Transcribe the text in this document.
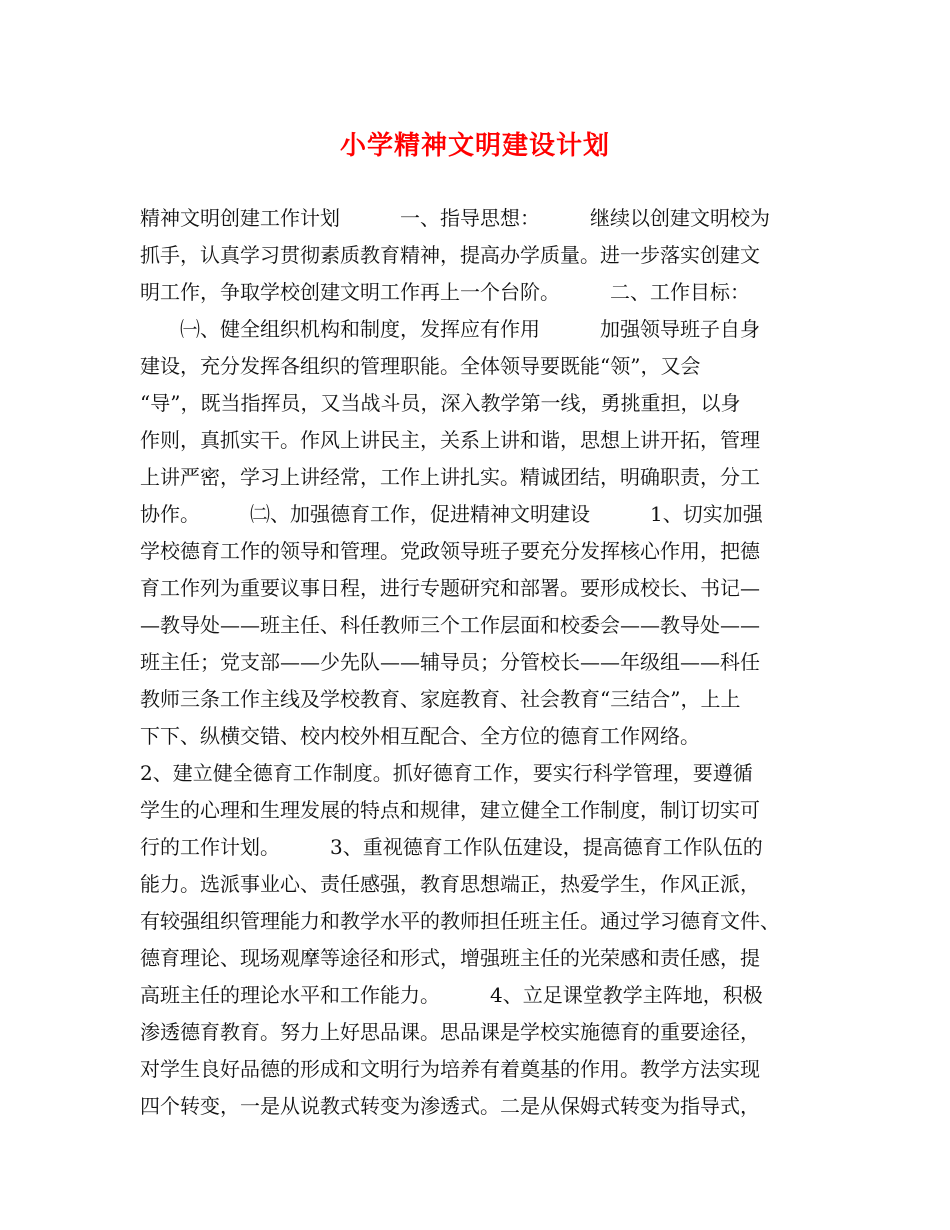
小学精神文明建设计划
精神文明创建工作计划　　　一、指导思想：　　　继续以创建文明校为
抓手，认真学习贯彻素质教育精神，提高办学质量。进一步落实创建文
明工作，争取学校创建文明工作再上一个台阶。　　　二、工作目标：
　　㈠、健全组织机构和制度，发挥应有作用　　　加强领导班子自身
建设，充分发挥各组织的管理职能。全体领导要既能“领”，又会
“导”，既当指挥员，又当战斗员，深入教学第一线，勇挑重担，以身
作则，真抓实干。作风上讲民主，关系上讲和谐，思想上讲开拓，管理
上讲严密，学习上讲经常，工作上讲扎实。精诚团结，明确职责，分工
协作。　　　㈡、加强德育工作，促进精神文明建设　　　1、切实加强
学校德育工作的领导和管理。党政领导班子要充分发挥核心作用，把德
育工作列为重要议事日程，进行专题研究和部署。要形成校长、书记—
—教导处——班主任、科任教师三个工作层面和校委会——教导处——
班主任；党支部——少先队——辅导员；分管校长——年级组——科任
教师三条工作主线及学校教育、家庭教育、社会教育“三结合”，上上
下下、纵横交错、校内校外相互配合、全方位的德育工作网络。
2、建立健全德育工作制度。抓好德育工作，要实行科学管理，要遵循
学生的心理和生理发展的特点和规律，建立健全工作制度，制订切实可
行的工作计划。　　　3、重视德育工作队伍建设，提高德育工作队伍的
能力。选派事业心、责任感强，教育思想端正，热爱学生，作风正派，
有较强组织管理能力和教学水平的教师担任班主任。通过学习德育文件、
德育理论、现场观摩等途径和形式，增强班主任的光荣感和责任感，提
高班主任的理论水平和工作能力。　　　4、立足课堂教学主阵地，积极
渗透德育教育。努力上好思品课。思品课是学校实施德育的重要途径，
对学生良好品德的形成和文明行为培养有着奠基的作用。教学方法实现
四个转变，一是从说教式转变为渗透式。二是从保姆式转变为指导式，
